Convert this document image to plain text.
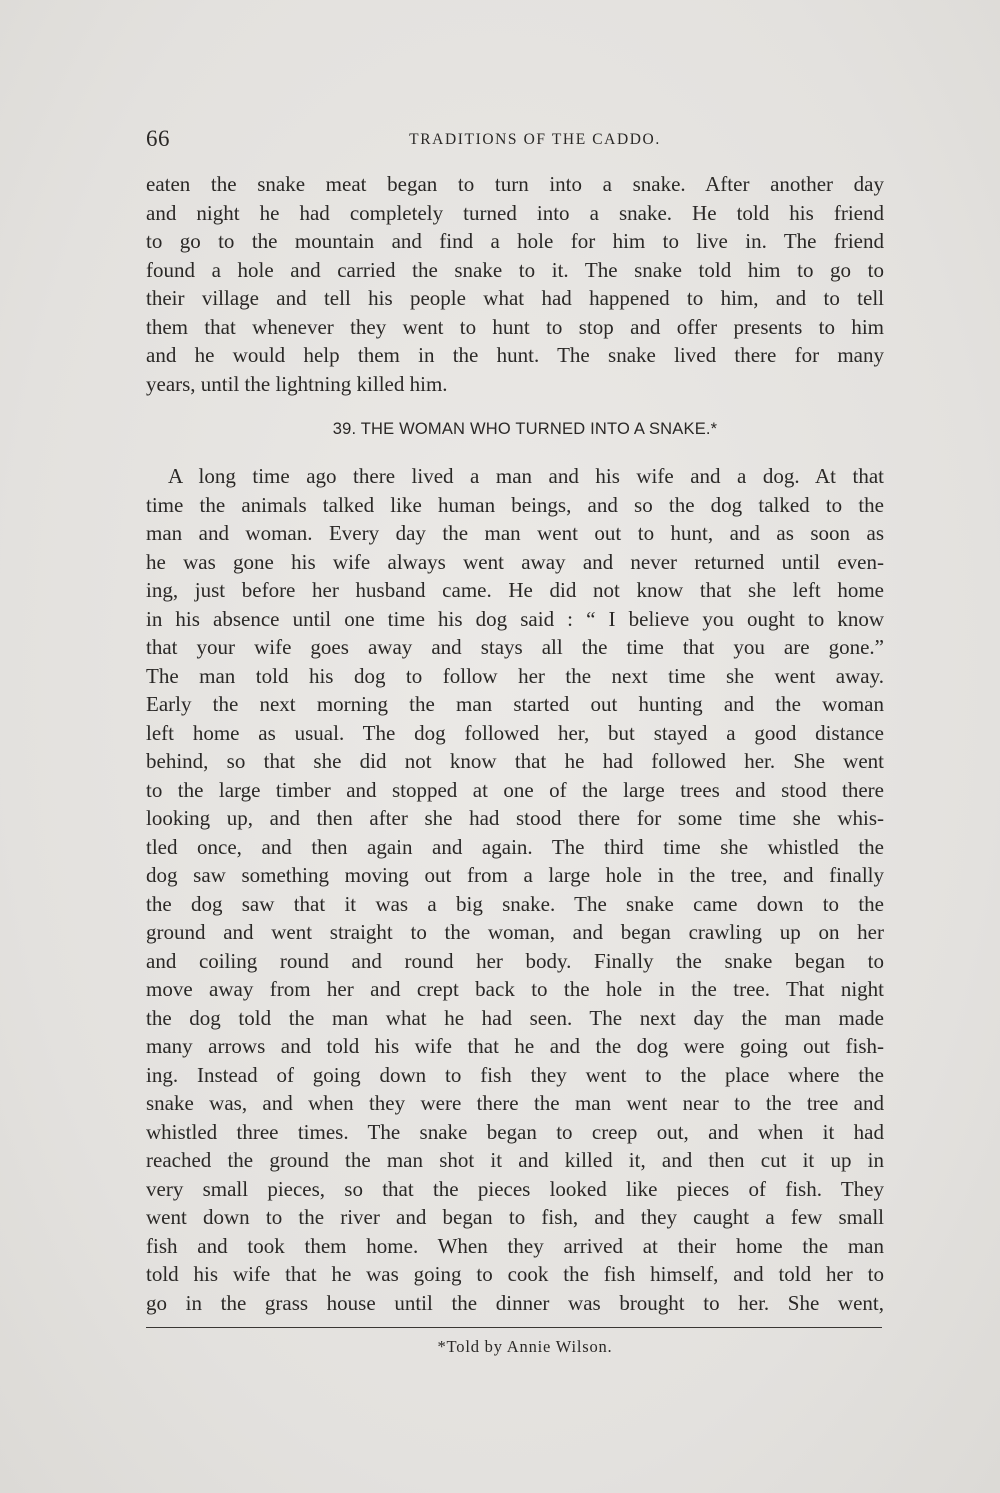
66	TRADITIONS OF THE CADDO.
eaten the snake meat began to turn into a snake. After another day
and night he had completely turned into a snake. He told his friend
to go to the mountain and find a hole for him to live in. The friend
found a hole and carried the snake to it. The snake told him to go to
their village and tell his people what had happened to him, and to tell
them that whenever they went to hunt to stop and offer presents to him
and he would help them in the hunt. The snake lived there for many
years, until the lightning killed him.
39. THE WOMAN WHO TURNED INTO A SNAKE.*
A long time ago there lived a man and his wife and a dog. At that
time the animals talked like human beings, and so the dog talked to the
man and woman. Every day the man went out to hunt, and as soon as
he was gone his wife always went away and never returned until even-
ing, just before her husband came. He did not know that she left home
in his absence until one time his dog said : “ I believe you ought to know
that your wife goes away and stays all the time that you are gone.”
The man told his dog to follow her the next time she went away.
Early the next morning the man started out hunting and the woman
left home as usual. The dog followed her, but stayed a good distance
behind, so that she did not know that he had followed her. She went
to the large timber and stopped at one of the large trees and stood there
looking up, and then after she had stood there for some time she whis-
tled once, and then again and again. The third time she whistled the
dog saw something moving out from a large hole in the tree, and finally
the dog saw that it was a big snake. The snake came down to the
ground and went straight to the woman, and began crawling up on her
and coiling round and round her body. Finally the snake began to
move away from her and crept back to the hole in the tree. That night
the dog told the man what he had seen. The next day the man made
many arrows and told his wife that he and the dog were going out fish-
ing. Instead of going down to fish they went to the place where the
snake was, and when they were there the man went near to the tree and
whistled three times. The snake began to creep out, and when it had
reached the ground the man shot it and killed it, and then cut it up in
very small pieces, so that the pieces looked like pieces of fish. They
went down to the river and began to fish, and they caught a few small
fish and took them home. When they arrived at their home the man
told his wife that he was going to cook the fish himself, and told her to
go in the grass house until the dinner was brought to her. She went,
*Told by Annie Wilson.
